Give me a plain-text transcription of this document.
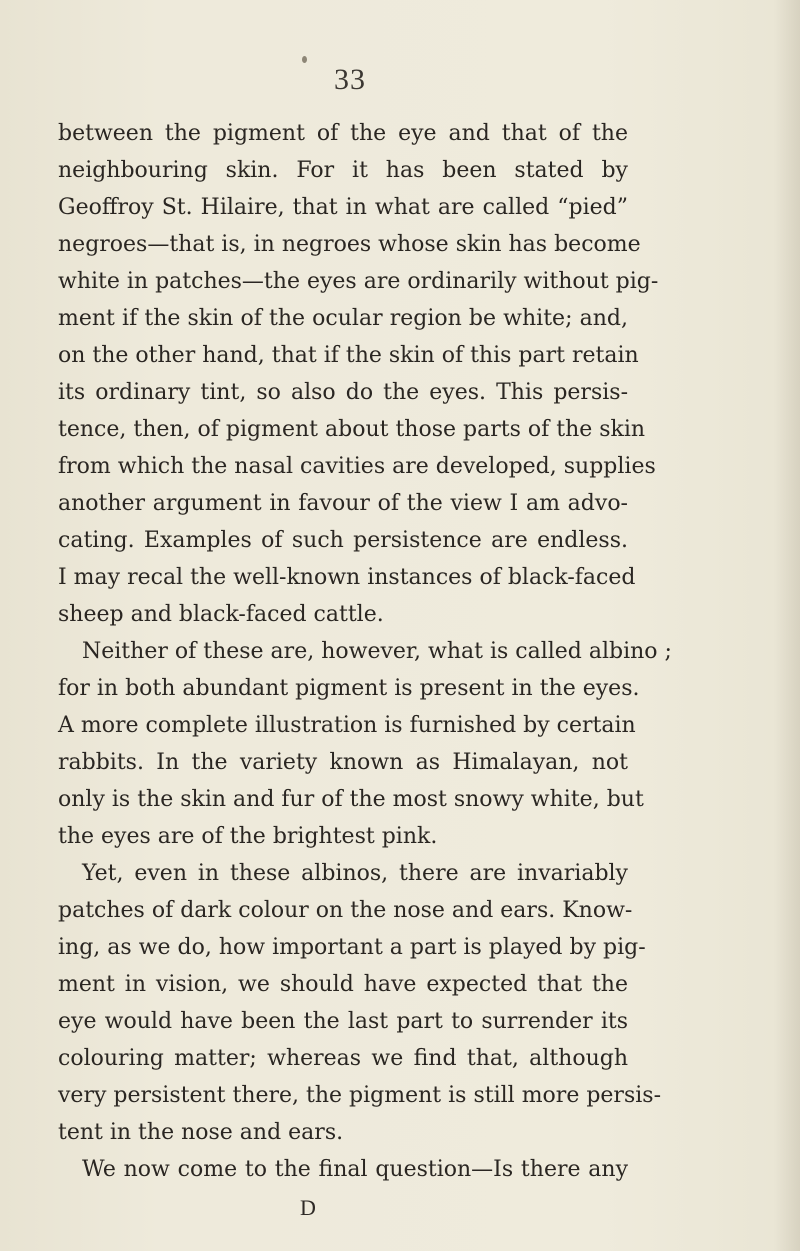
33
between the pigment of the eye and that of the
neighbouring skin. For it has been stated by
Geoffroy St. Hilaire, that in what are called “pied”
negroes—that is, in negroes whose skin has become
white in patches—the eyes are ordinarily without pig-
ment if the skin of the ocular region be white; and,
on the other hand, that if the skin of this part retain
its ordinary tint, so also do the eyes. This persis-
tence, then, of pigment about those parts of the skin
from which the nasal cavities are developed, supplies
another argument in favour of the view I am advo-
cating. Examples of such persistence are endless.
I may recal the well-known instances of black-faced
sheep and black-faced cattle.
Neither of these are, however, what is called albino ;
for in both abundant pigment is present in the eyes.
A more complete illustration is furnished by certain
rabbits. In the variety known as Himalayan, not
only is the skin and fur of the most snowy white, but
the eyes are of the brightest pink.
Yet, even in these albinos, there are invariably
patches of dark colour on the nose and ears. Know-
ing, as we do, how important a part is played by pig-
ment in vision, we should have expected that the
eye would have been the last part to surrender its
colouring matter; whereas we find that, although
very persistent there, the pigment is still more persis-
tent in the nose and ears.
We now come to the final question—Is there any
D
